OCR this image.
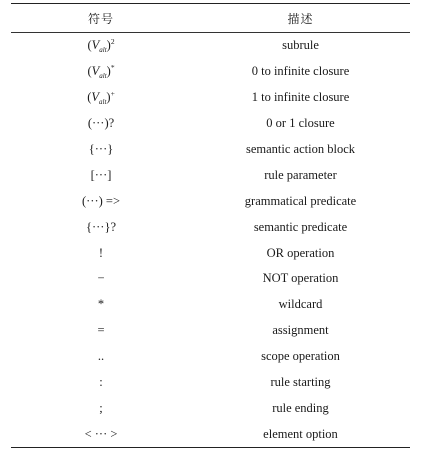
符号	描述
$(V_{alt})^2$	subrule
$(V_{alt})^*$	0 to infinite closure
$(V_{alt})^+$	1 to infinite closure
(···)?	0 or 1 closure
{···}	semantic action block
[···]	rule parameter
(···) =>	grammatical predicate
{···}?	semantic predicate
!	OR operation
−	NOT operation
*	wildcard
=	assignment
..	scope operation
:	rule starting
;	rule ending
< ··· >	element option
